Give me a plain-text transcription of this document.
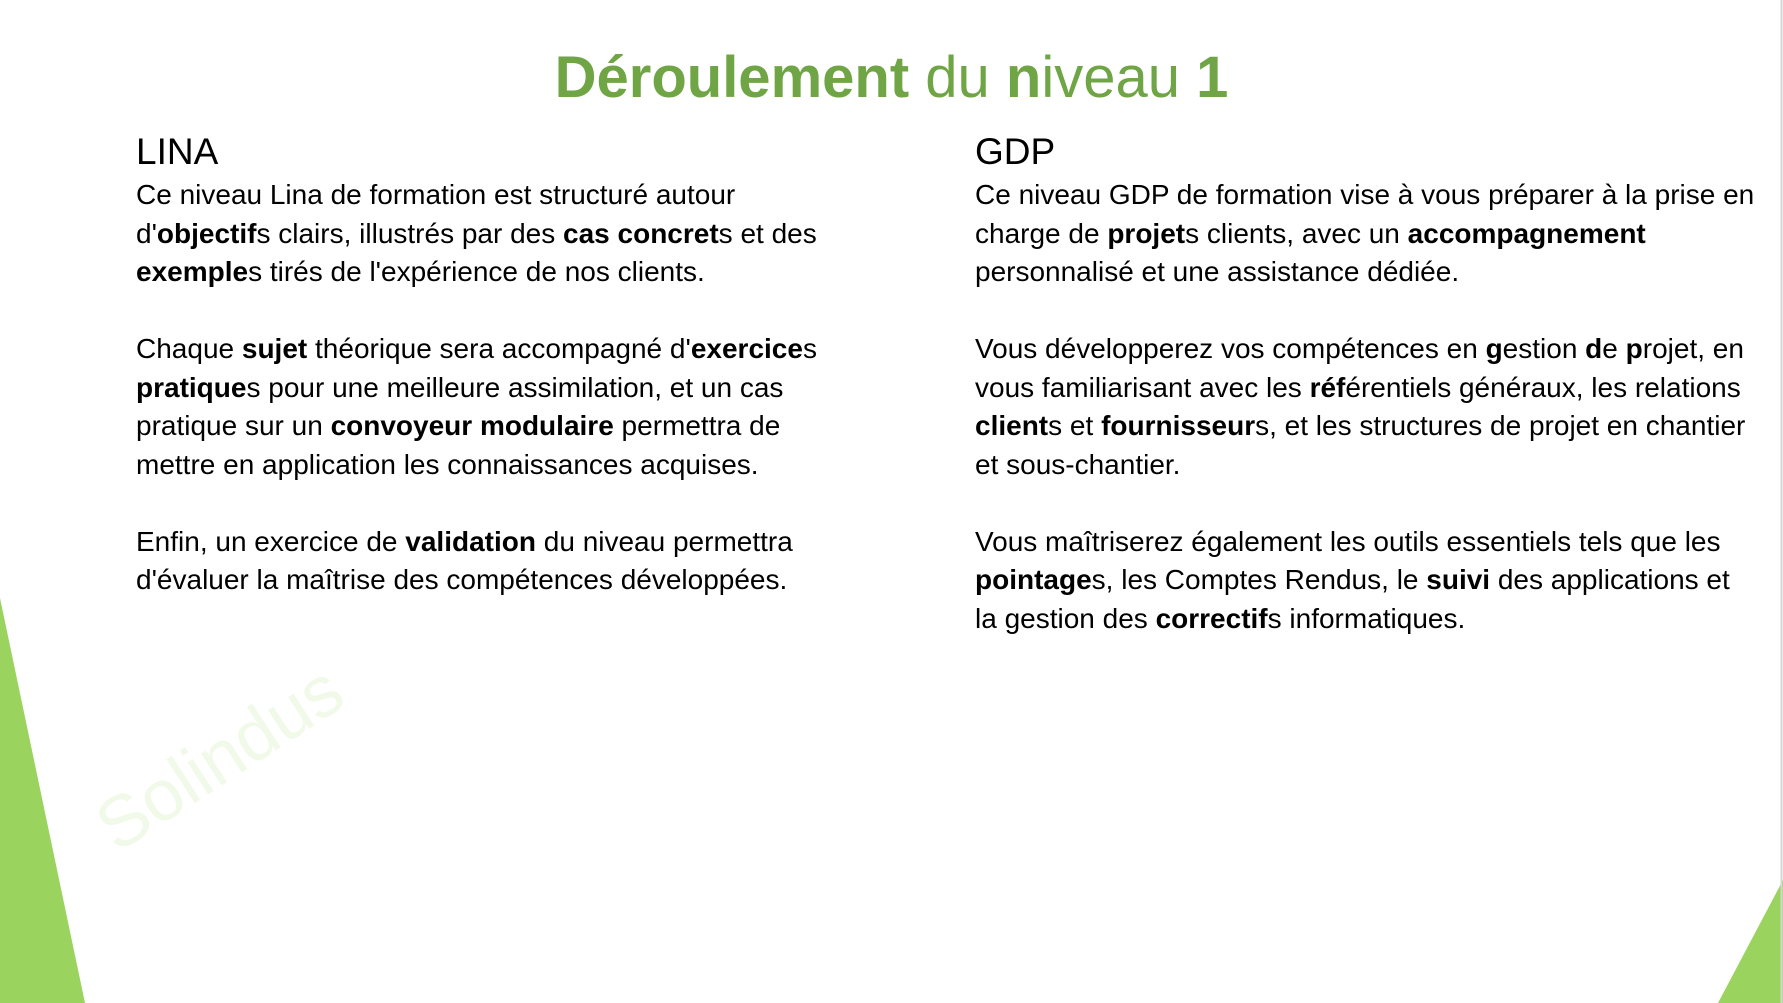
Solindus
Déroulement du niveau 1
LINA

Ce niveau Lina de formation est structuré autour d'objectifs clairs, illustrés par des cas concrets et des exemples tirés de l'expérience de nos clients.

Chaque sujet théorique sera accompagné d'exercices pratiques pour une meilleure assimilation, et un cas pratique sur un convoyeur modulaire permettra de mettre en application les connaissances acquises.

Enfin, un exercice de validation du niveau permettra d'évaluer la maîtrise des compétences développées.

GDP

Ce niveau GDP de formation vise à vous préparer à la prise en charge de projets clients, avec un accompagnement personnalisé et une assistance dédiée.

Vous développerez vos compétences en gestion de projet, en vous familiarisant avec les référentiels généraux, les relations clients et fournisseurs, et les structures de projet en chantier et sous-chantier.

Vous maîtriserez également les outils essentiels tels que les pointages, les Comptes Rendus, le suivi des applications et la gestion des correctifs informatiques.
